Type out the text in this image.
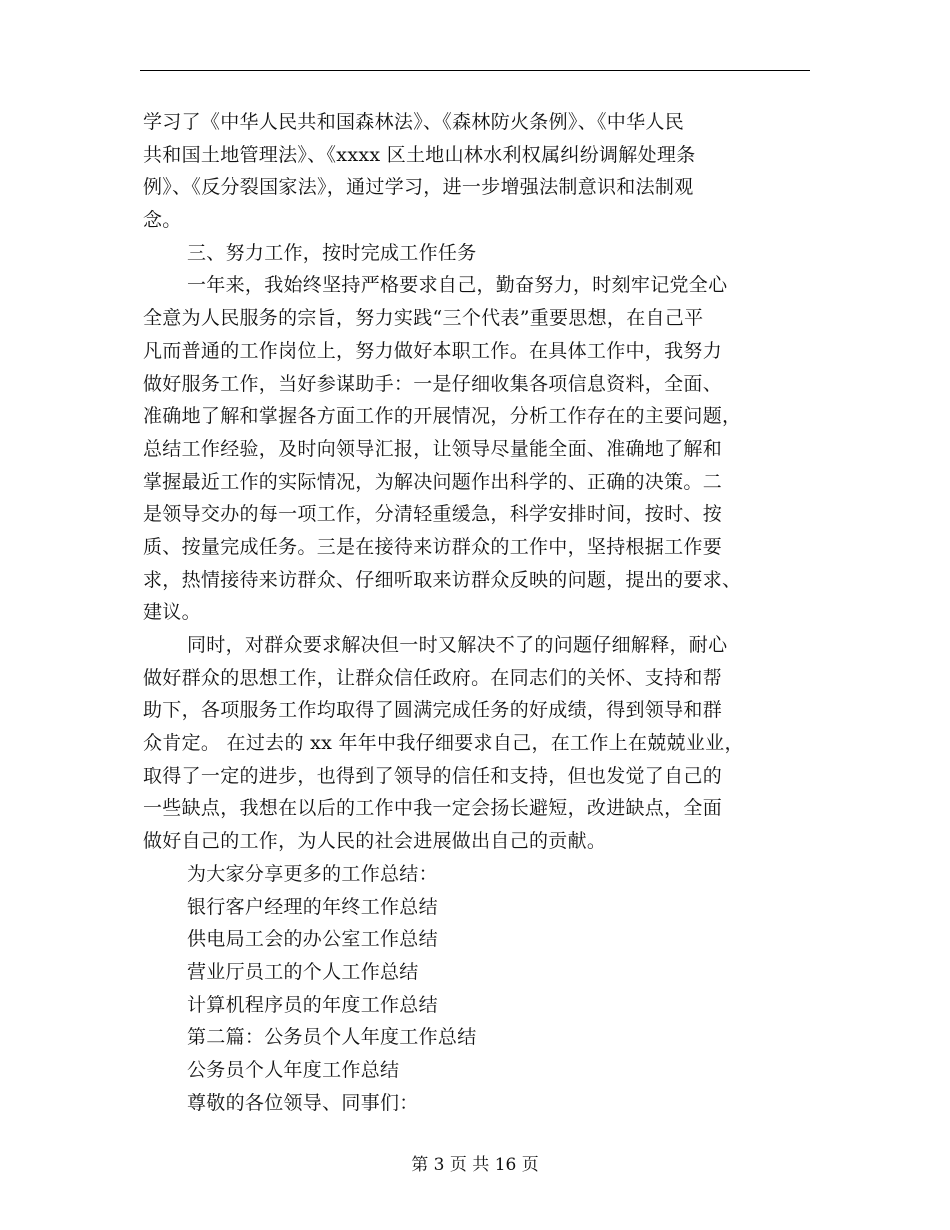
学习了《中华人民共和国森林法》、《森林防火条例》、《中华人民
共和国土地管理法》、《xxxx 区土地山林水利权属纠纷调解处理条
例》、《反分裂国家法》，通过学习，进一步增强法制意识和法制观
念。
三、努力工作，按时完成工作任务
一年来，我始终坚持严格要求自己，勤奋努力，时刻牢记党全心
全意为人民服务的宗旨，努力实践“三个代表”重要思想，在自己平
凡而普通的工作岗位上，努力做好本职工作。在具体工作中，我努力
做好服务工作，当好参谋助手：一是仔细收集各项信息资料，全面、
准确地了解和掌握各方面工作的开展情况，分析工作存在的主要问题，
总结工作经验，及时向领导汇报，让领导尽量能全面、准确地了解和
掌握最近工作的实际情况，为解决问题作出科学的、正确的决策。二
是领导交办的每一项工作，分清轻重缓急，科学安排时间，按时、按
质、按量完成任务。三是在接待来访群众的工作中，坚持根据工作要
求，热情接待来访群众、仔细听取来访群众反映的问题，提出的要求、
建议。
同时，对群众要求解决但一时又解决不了的问题仔细解释，耐心
做好群众的思想工作，让群众信任政府。在同志们的关怀、支持和帮
助下，各项服务工作均取得了圆满完成任务的好成绩，得到领导和群
众肯定。 在过去的 xx 年年中我仔细要求自己，在工作上在兢兢业业，
取得了一定的进步，也得到了领导的信任和支持，但也发觉了自己的
一些缺点，我想在以后的工作中我一定会扬长避短，改进缺点，全面
做好自己的工作，为人民的社会进展做出自己的贡献。
为大家分享更多的工作总结：
银行客户经理的年终工作总结
供电局工会的办公室工作总结
营业厅员工的个人工作总结
计算机程序员的年度工作总结
第二篇：公务员个人年度工作总结
公务员个人年度工作总结
尊敬的各位领导、同事们：
第 3 页 共 16 页
